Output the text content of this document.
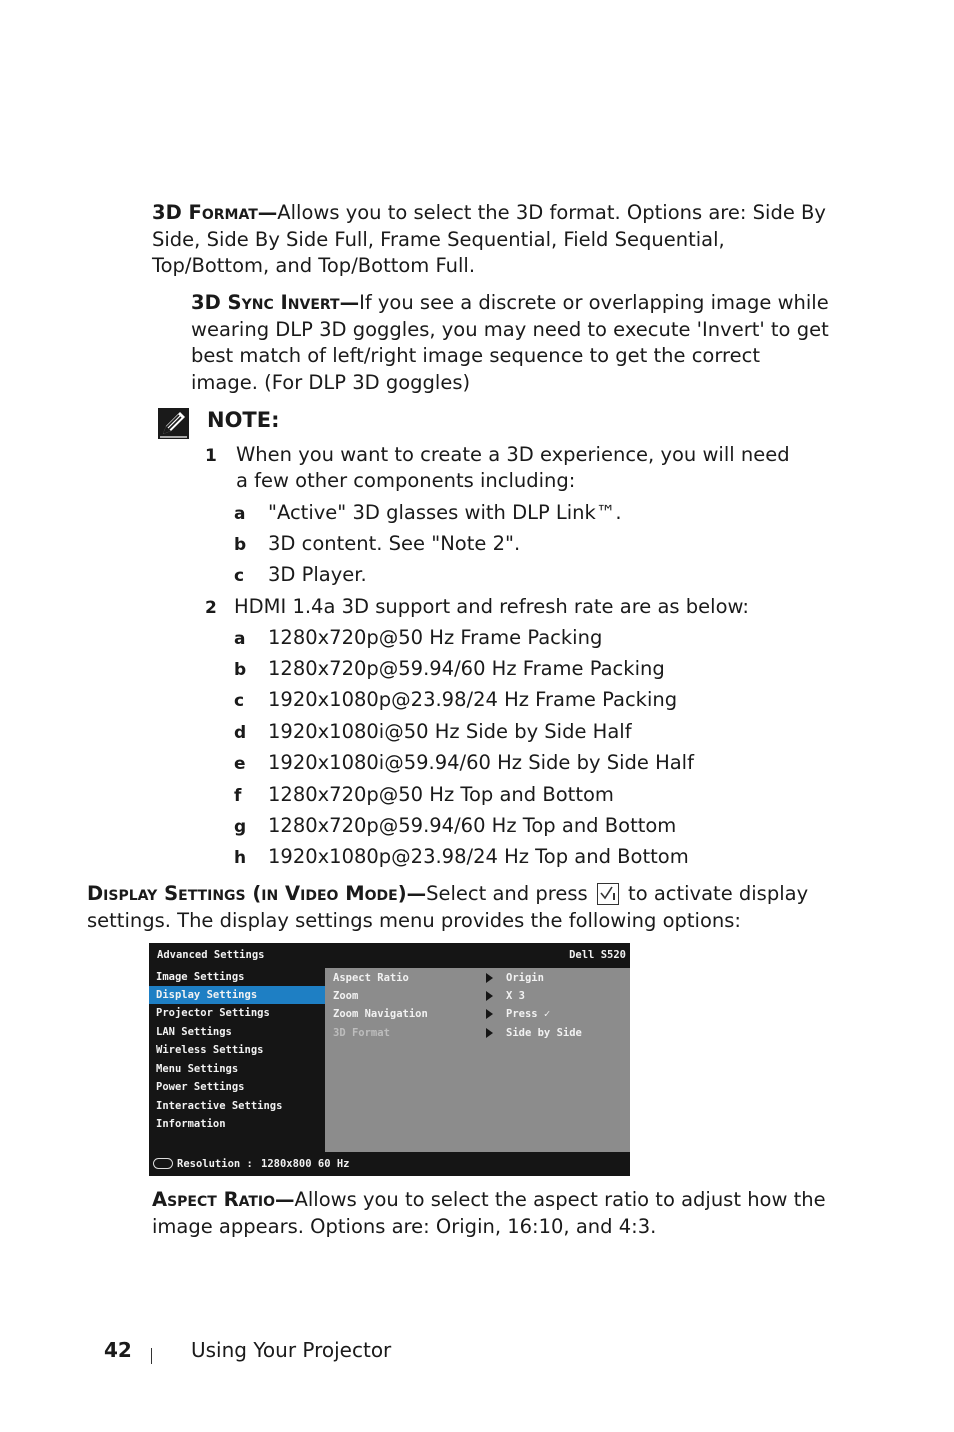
3D Format—Allows you to select the 3D format. Options are: Side By Side, Side By Side Full, Frame Sequential, Field Sequential, Top/Bottom, and Top/Bottom Full.

3D Sync Invert—If you see a discrete or overlapping image while wearing DLP 3D goggles, you may need to execute 'Invert' to get best match of left/right image sequence to get the correct image. (For DLP 3D goggles)

NOTE:
1 When you want to create a 3D experience, you will need a few other components including:
a "Active" 3D glasses with DLP Link™.
b 3D content. See "Note 2".
c 3D Player.
2 HDMI 1.4a 3D support and refresh rate are as below:
a 1280x720p@50 Hz Frame Packing
b 1280x720p@59.94/60 Hz Frame Packing
c 1920x1080p@23.98/24 Hz Frame Packing
d 1920x1080i@50 Hz Side by Side Half
e 1920x1080i@59.94/60 Hz Side by Side Half
f 1280x720p@50 Hz Top and Bottom
g 1280x720p@59.94/60 Hz Top and Bottom
h 1920x1080p@23.98/24 Hz Top and Bottom

Display Settings (in Video Mode)—Select and press to activate display settings. The display settings menu provides the following options:

Advanced Settings	Dell S520
Image Settings
Display Settings
Projector Settings
LAN Settings
Wireless Settings
Menu Settings
Power Settings
Interactive Settings
Information
Aspect Ratio	Origin
Zoom	X 3
Zoom Navigation	Press ✓
3D Format	Side by Side
Resolution : 1280x800 60 Hz

Aspect Ratio—Allows you to select the aspect ratio to adjust how the image appears. Options are: Origin, 16:10, and 4:3.

42	Using Your Projector
